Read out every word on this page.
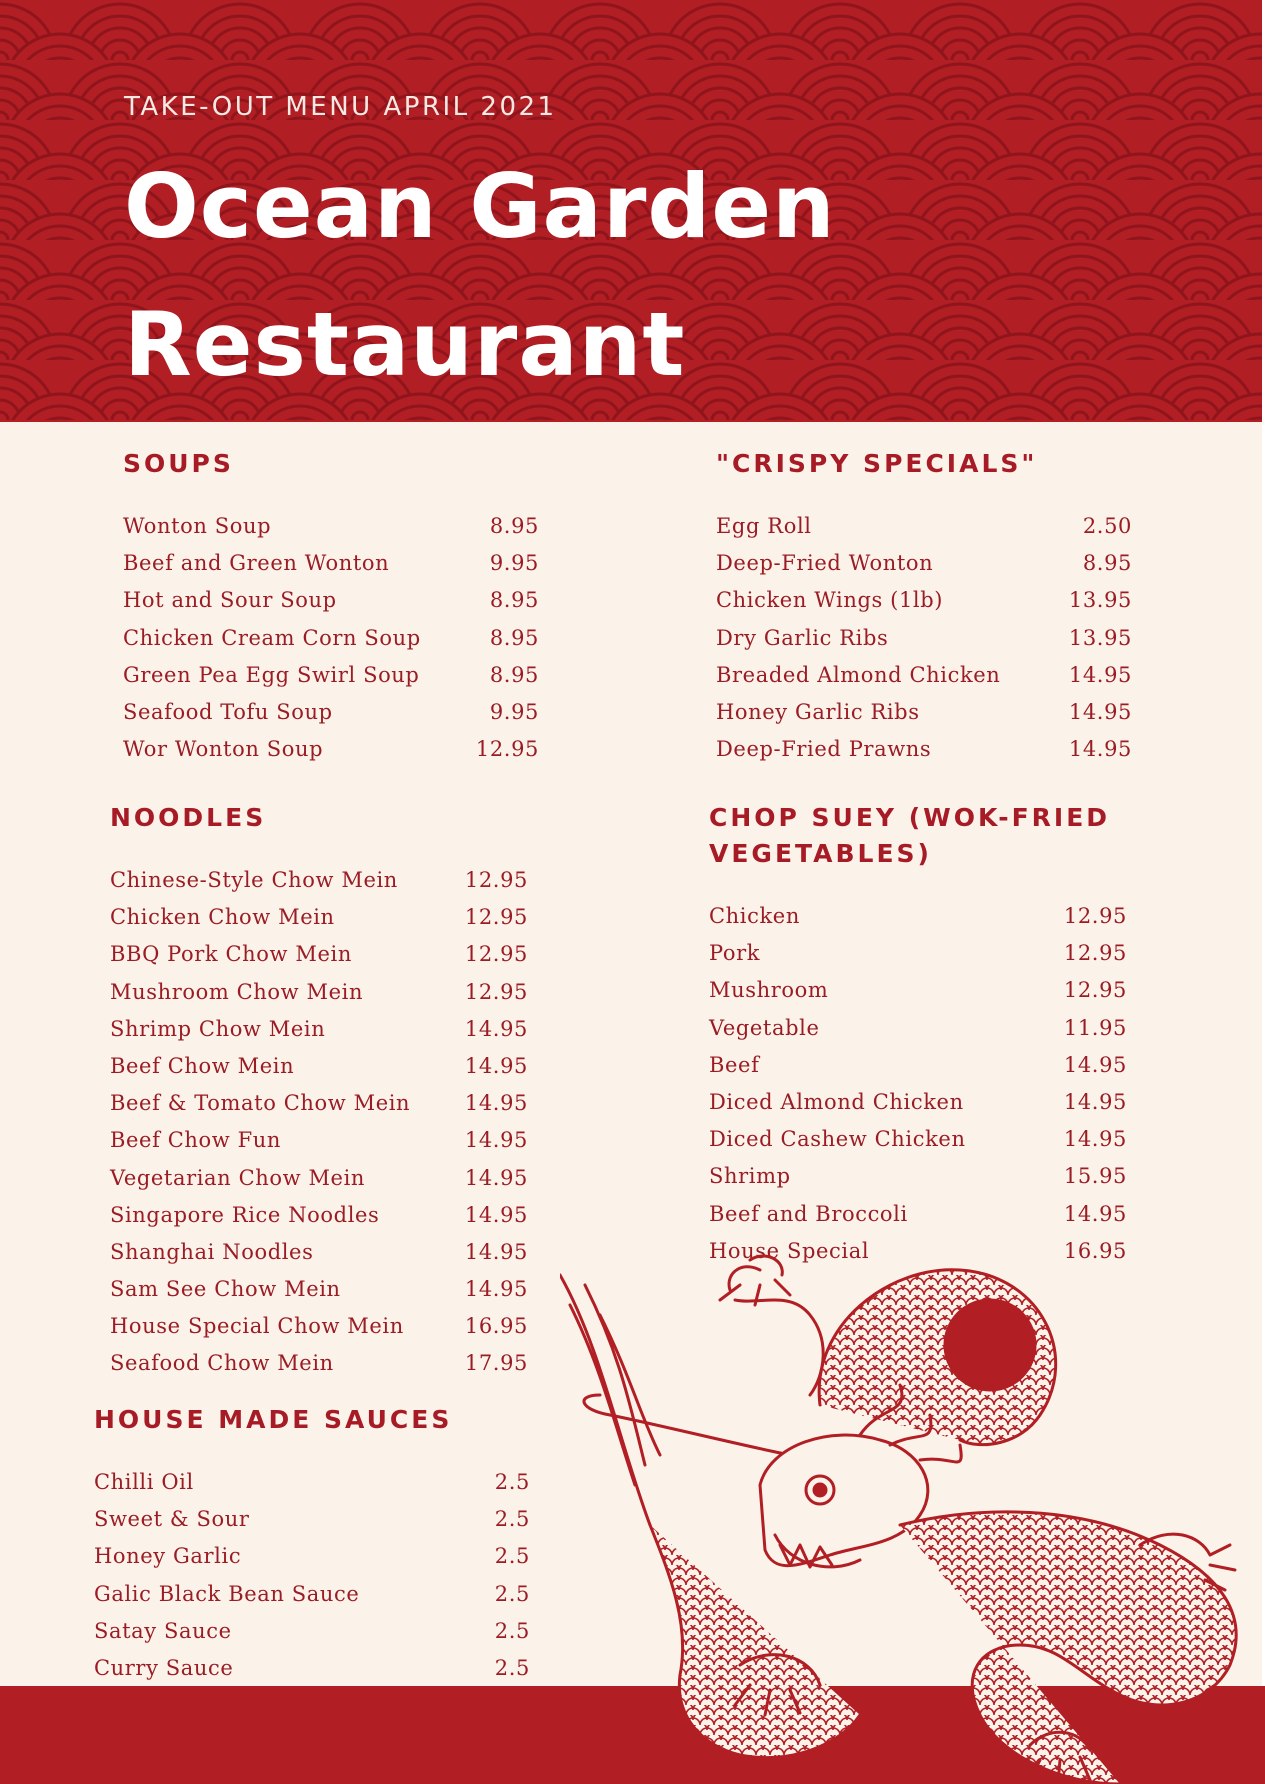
TAKE-OUT MENU APRIL 2021
Ocean Garden
Restaurant
SOUPS
Wonton Soup	8.95
Beef and Green Wonton	9.95
Hot and Sour Soup	8.95
Chicken Cream Corn Soup	8.95
Green Pea Egg Swirl Soup	8.95
Seafood Tofu Soup	9.95
Wor Wonton Soup	12.95
"CRISPY SPECIALS"
Egg Roll	2.50
Deep-Fried Wonton	8.95
Chicken Wings (1lb)	13.95
Dry Garlic Ribs	13.95
Breaded Almond Chicken	14.95
Honey Garlic Ribs	14.95
Deep-Fried Prawns	14.95
NOODLES
Chinese-Style Chow Mein	12.95
Chicken Chow Mein	12.95
BBQ Pork Chow Mein	12.95
Mushroom Chow Mein	12.95
Shrimp Chow Mein	14.95
Beef Chow Mein	14.95
Beef & Tomato Chow Mein	14.95
Beef Chow Fun	14.95
Vegetarian Chow Mein	14.95
Singapore Rice Noodles	14.95
Shanghai Noodles	14.95
Sam See Chow Mein	14.95
House Special Chow Mein	16.95
Seafood Chow Mein	17.95
CHOP SUEY (WOK-FRIED
VEGETABLES)
Chicken	12.95
Pork	12.95
Mushroom	12.95
Vegetable	11.95
Beef	14.95
Diced Almond Chicken	14.95
Diced Cashew Chicken	14.95
Shrimp	15.95
Beef and Broccoli	14.95
House Special	16.95
HOUSE MADE SAUCES
Chilli Oil	2.5
Sweet & Sour	2.5
Honey Garlic	2.5
Galic Black Bean Sauce	2.5
Satay Sauce	2.5
Curry Sauce	2.5
